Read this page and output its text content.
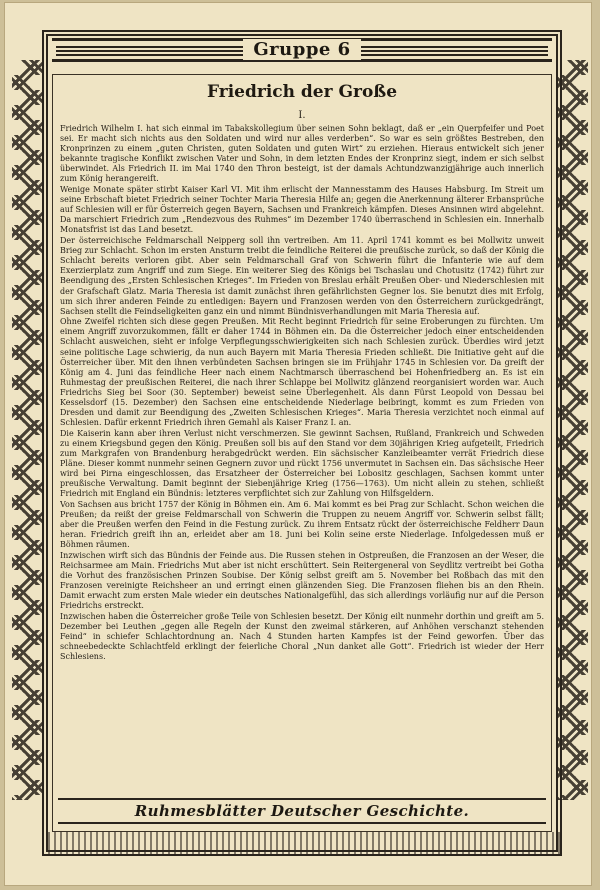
Gruppe 6
Friedrich der Große
I.

Friedrich Wilhelm I. hat sich einmal im Tabakskollegium über seinen Sohn beklagt, daß er „ein Querpfeifer und Poet sei. Er macht sich nichts aus den Soldaten und wird nur alles verderben“. So war es sein größtes Bestreben, den Kronprinzen zu einem „guten Christen, guten Soldaten und guten Wirt“ zu erziehen. Hieraus entwickelt sich jener bekannte tragische Konflikt zwischen Vater und Sohn, in dem letzten Endes der Kronprinz siegt, indem er sich selbst überwindet. Als Friedrich II. im Mai 1740 den Thron besteigt, ist der damals Achtundzwanzigjährige auch innerlich zum König herangereift.

Wenige Monate später stirbt Kaiser Karl VI. Mit ihm erlischt der Mannesstamm des Hauses Habsburg. Im Streit um seine Erbschaft bietet Friedrich seiner Tochter Maria Theresia Hilfe an; gegen die Anerkennung älterer Erbansprüche auf Schlesien will er für Österreich gegen Bayern, Sachsen und Frankreich kämpfen. Dieses Ansinnen wird abgelehnt. Da marschiert Friedrich zum „Rendezvous des Ruhmes“ im Dezember 1740 überraschend in Schlesien ein. Innerhalb Monatsfrist ist das Land besetzt.

Der österreichische Feldmarschall Neipperg soll ihn vertreiben. Am 11. April 1741 kommt es bei Mollwitz unweit Brieg zur Schlacht. Schon im ersten Ansturm treibt die feindliche Reiterei die preußische zurück, so daß der König die Schlacht bereits verloren gibt. Aber sein Feldmarschall Graf von Schwerin führt die Infanterie wie auf dem Exerzierplatz zum Angriff und zum Siege. Ein weiterer Sieg des Königs bei Tschaslau und Chotusitz (1742) führt zur Beendigung des „Ersten Schlesischen Krieges“. Im Frieden von Breslau erhält Preußen Ober- und Niederschlesien mit der Grafschaft Glatz. Maria Theresia ist damit zunächst ihren gefährlichsten Gegner los. Sie benutzt dies mit Erfolg, um sich ihrer anderen Feinde zu entledigen: Bayern und Franzosen werden von den Österreichern zurückgedrängt, Sachsen stellt die Feindseligkeiten ganz ein und nimmt Bündnisverhandlungen mit Maria Theresia auf.

Ohne Zweifel richten sich diese gegen Preußen. Mit Recht beginnt Friedrich für seine Eroberungen zu fürchten. Um einem Angriff zuvorzukommen, fällt er daher 1744 in Böhmen ein. Da die Österreicher jedoch einer entscheidenden Schlacht ausweichen, sieht er infolge Verpflegungsschwierigkeiten sich nach Schlesien zurück. Überdies wird jetzt seine politische Lage schwierig, da nun auch Bayern mit Maria Theresia Frieden schließt. Die Initiative geht auf die Österreicher über. Mit den ihnen verbündeten Sachsen bringen sie im Frühjahr 1745 in Schlesien vor. Da greift der König am 4. Juni das feindliche Heer nach einem Nachtmarsch überraschend bei Hohenfriedberg an. Es ist ein Ruhmestag der preußischen Reiterei, die nach ihrer Schlappe bei Mollwitz glänzend reorganisiert worden war. Auch Friedrichs Sieg bei Soor (30. September) beweist seine Überlegenheit. Als dann Fürst Leopold von Dessau bei Kesselsdorf (15. Dezember) den Sachsen eine entscheidende Niederlage beibringt, kommt es zum Frieden von Dresden und damit zur Beendigung des „Zweiten Schlesischen Krieges“. Maria Theresia verzichtet noch einmal auf Schlesien. Dafür erkennt Friedrich ihren Gemahl als Kaiser Franz I. an.

Die Kaiserin kann aber ihren Verlust nicht verschmerzen. Sie gewinnt Sachsen, Rußland, Frankreich und Schweden zu einem Kriegsbund gegen den König. Preußen soll bis auf den Stand vor dem 30jährigen Krieg aufgeteilt, Friedrich zum Markgrafen von Brandenburg herabgedrückt werden. Ein sächsischer Kanzleibeamter verrät Friedrich diese Pläne. Dieser kommt nunmehr seinen Gegnern zuvor und rückt 1756 unvermutet in Sachsen ein. Das sächsische Heer wird bei Pirna eingeschlossen, das Ersatzheer der Österreicher bei Lobositz geschlagen, Sachsen kommt unter preußische Verwaltung. Damit beginnt der Siebenjährige Krieg (1756—1763). Um nicht allein zu stehen, schließt Friedrich mit England ein Bündnis: letzteres verpflichtet sich zur Zahlung von Hilfsgeldern.

Von Sachsen aus bricht 1757 der König in Böhmen ein. Am 6. Mai kommt es bei Prag zur Schlacht. Schon weichen die Preußen; da reißt der greise Feldmarschall von Schwerin die Truppen zu neuem Angriff vor. Schwerin selbst fällt; aber die Preußen werfen den Feind in die Festung zurück. Zu ihrem Entsatz rückt der österreichische Feldherr Daun heran. Friedrich greift ihn an, erleidet aber am 18. Juni bei Kolin seine erste Niederlage. Infolgedessen muß er Böhmen räumen.

Inzwischen wirft sich das Bündnis der Feinde aus. Die Russen stehen in Ostpreußen, die Franzosen an der Weser, die Reichsarmee am Main. Friedrichs Mut aber ist nicht erschüttert. Sein Reitergeneral von Seydlitz vertreibt bei Gotha die Vorhut des französischen Prinzen Soubise. Der König selbst greift am 5. November bei Roßbach das mit den Franzosen vereinigte Reichsheer an und erringt einen glänzenden Sieg. Die Franzosen fliehen bis an den Rhein. Damit erwacht zum ersten Male wieder ein deutsches Nationalgefühl, das sich allerdings vorläufig nur auf die Person Friedrichs erstreckt.

Inzwischen haben die Österreicher große Teile von Schlesien besetzt. Der König eilt nunmehr dorthin und greift am 5. Dezember bei Leuthen „gegen alle Regeln der Kunst den zweimal stärkeren, auf Anhöhen verschanzt stehenden Feind“ in schiefer Schlachtordnung an. Nach 4 Stunden harten Kampfes ist der Feind geworfen. Über das schneebedeckte Schlachtfeld erklingt der feierliche Choral „Nun danket alle Gott“. Friedrich ist wieder der Herr Schlesiens.

Ruhmesblätter Deutscher Geschichte.
